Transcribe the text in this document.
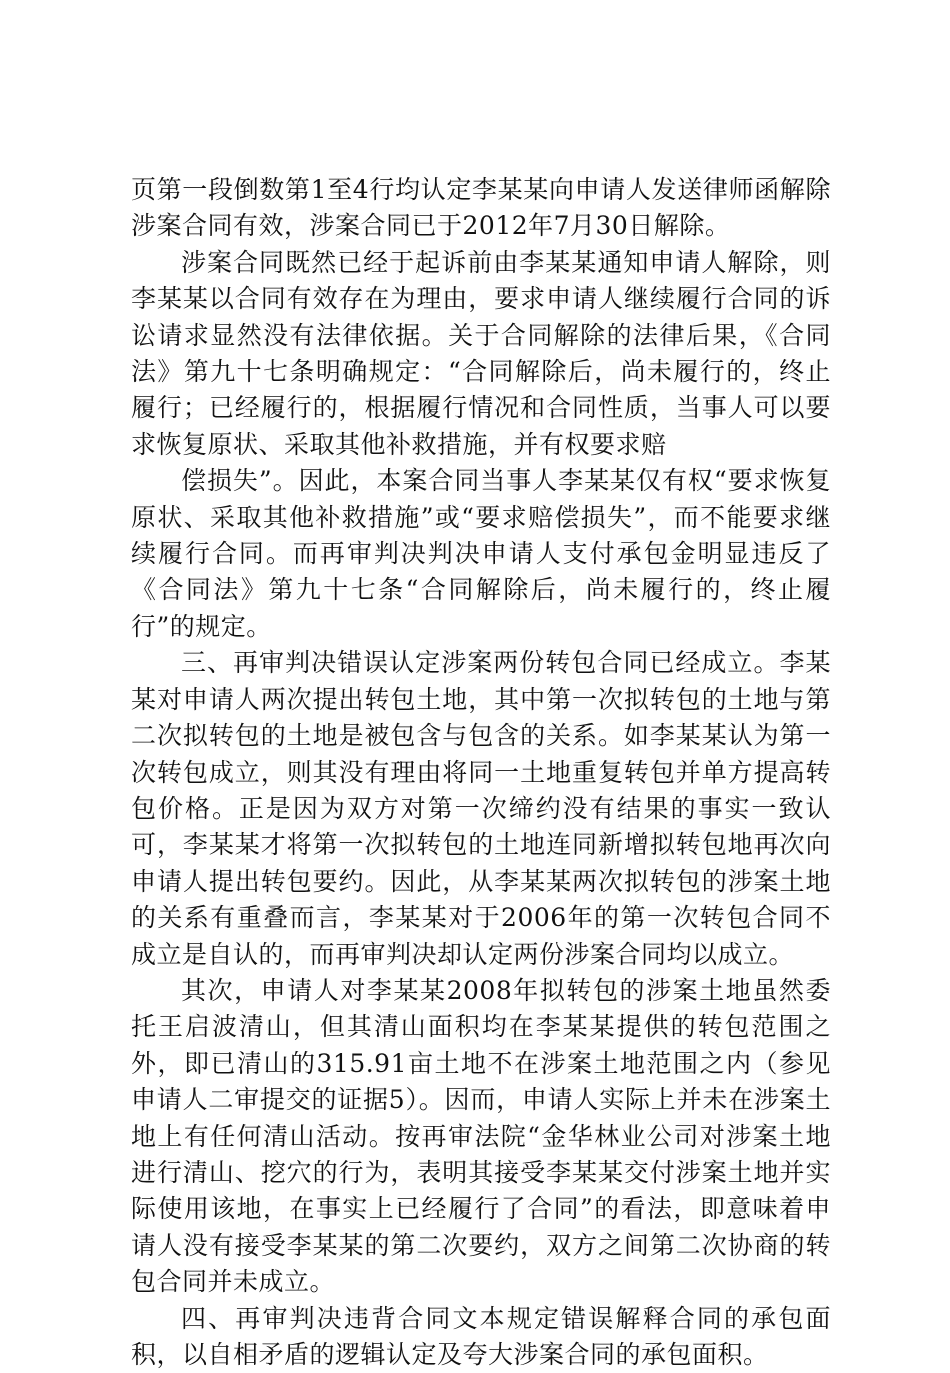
页第一段倒数第1至4行均认定李某某向申请人发送律师函解除涉案合同有效，涉案合同已于2012年7月30日解除。

涉案合同既然已经于起诉前由李某某通知申请人解除，则李某某以合同有效存在为理由，要求申请人继续履行合同的诉讼请求显然没有法律依据。关于合同解除的法律后果，《合同法》第九十七条明确规定：“合同解除后，尚未履行的，终止履行；已经履行的，根据履行情况和合同性质，当事人可以要求恢复原状、采取其他补救措施，并有权要求赔

偿损失”。因此，本案合同当事人李某某仅有权“要求恢复原状、采取其他补救措施”或“要求赔偿损失”，而不能要求继续履行合同。而再审判决判决申请人支付承包金明显违反了《合同法》第九十七条“合同解除后，尚未履行的，终止履行”的规定。

三、再审判决错误认定涉案两份转包合同已经成立。李某某对申请人两次提出转包土地，其中第一次拟转包的土地与第二次拟转包的土地是被包含与包含的关系。如李某某认为第一次转包成立，则其没有理由将同一土地重复转包并单方提高转包价格。正是因为双方对第一次缔约没有结果的事实一致认可，李某某才将第一次拟转包的土地连同新增拟转包地再次向申请人提出转包要约。因此，从李某某两次拟转包的涉案土地的关系有重叠而言，李某某对于2006年的第一次转包合同不成立是自认的，而再审判决却认定两份涉案合同均以成立。

其次，申请人对李某某2008年拟转包的涉案土地虽然委托王启波清山，但其清山面积均在李某某提供的转包范围之外，即已清山的315.91亩土地不在涉案土地范围之内（参见申请人二审提交的证据5）。因而，申请人实际上并未在涉案土地上有任何清山活动。按再审法院“金华林业公司对涉案土地进行清山、挖穴的行为，表明其接受李某某交付涉案土地并实际使用该地，在事实上已经履行了合同”的看法，即意味着申请人没有接受李某某的第二次要约，双方之间第二次协商的转包合同并未成立。

四、再审判决违背合同文本规定错误解释合同的承包面积，以自相矛盾的逻辑认定及夸大涉案合同的承包面积。
